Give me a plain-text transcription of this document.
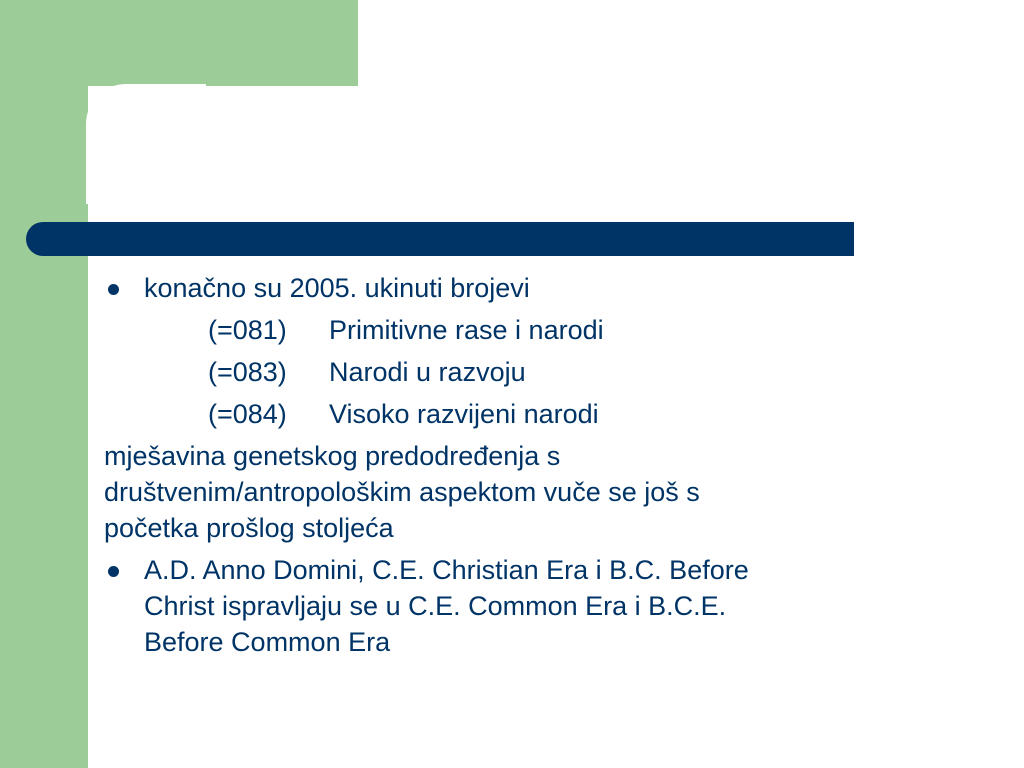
konačno su 2005. ukinuti brojevi
(=081) Primitivne rase i narodi
(=083) Narodi u razvoju
(=084) Visoko razvijeni narodi
mješavina genetskog predodređenja s
društvenim/antropološkim aspektom vuče se još s
početka prošlog stoljeća
A.D. Anno Domini, C.E. Christian Era i B.C. Before
Christ ispravljaju se u C.E. Common Era i B.C.E.
Before Common Era
